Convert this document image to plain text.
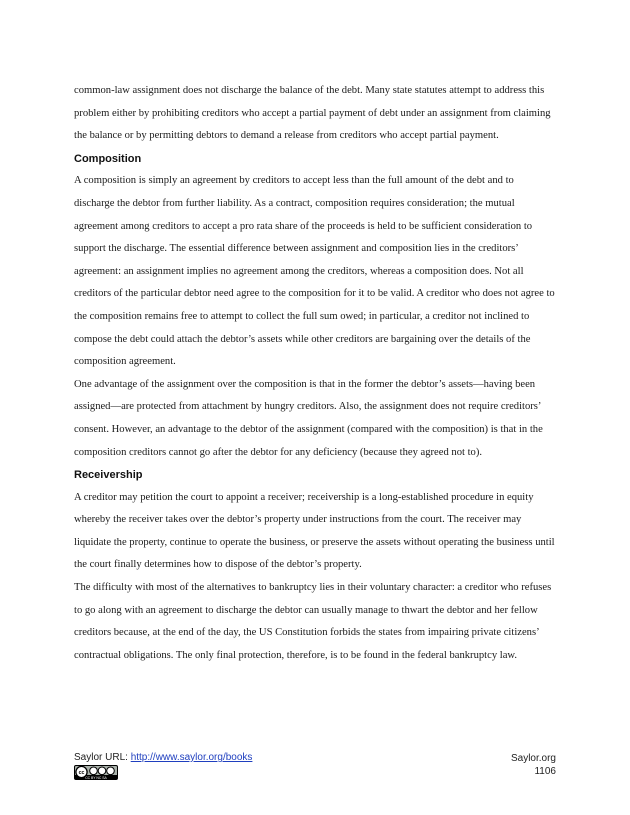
common-law assignment does not discharge the balance of the debt. Many state statutes attempt to address this problem either by prohibiting creditors who accept a partial payment of debt under an assignment from claiming the balance or by permitting debtors to demand a release from creditors who accept partial payment.

Composition

A composition is simply an agreement by creditors to accept less than the full amount of the debt and to discharge the debtor from further liability. As a contract, composition requires consideration; the mutual agreement among creditors to accept a pro rata share of the proceeds is held to be sufficient consideration to support the discharge. The essential difference between assignment and composition lies in the creditors’ agreement: an assignment implies no agreement among the creditors, whereas a composition does. Not all creditors of the particular debtor need agree to the composition for it to be valid. A creditor who does not agree to the composition remains free to attempt to collect the full sum owed; in particular, a creditor not inclined to compose the debt could attach the debtor’s assets while other creditors are bargaining over the details of the composition agreement.

One advantage of the assignment over the composition is that in the former the debtor’s assets—having been assigned—are protected from attachment by hungry creditors. Also, the assignment does not require creditors’ consent. However, an advantage to the debtor of the assignment (compared with the composition) is that in the composition creditors cannot go after the debtor for any deficiency (because they agreed not to).

Receivership

A creditor may petition the court to appoint a receiver; receivership is a long-established procedure in equity whereby the receiver takes over the debtor’s property under instructions from the court. The receiver may liquidate the property, continue to operate the business, or preserve the assets without operating the business until the court finally determines how to dispose of the debtor’s property.

The difficulty with most of the alternatives to bankruptcy lies in their voluntary character: a creditor who refuses to go along with an agreement to discharge the debtor can usually manage to thwart the debtor and her fellow creditors because, at the end of the day, the US Constitution forbids the states from impairing private citizens’ contractual obligations. The only final protection, therefore, is to be found in the federal bankruptcy law.

Saylor URL: http://www.saylor.org/books
cc
CC BY NC SA
Saylor.org
1106
